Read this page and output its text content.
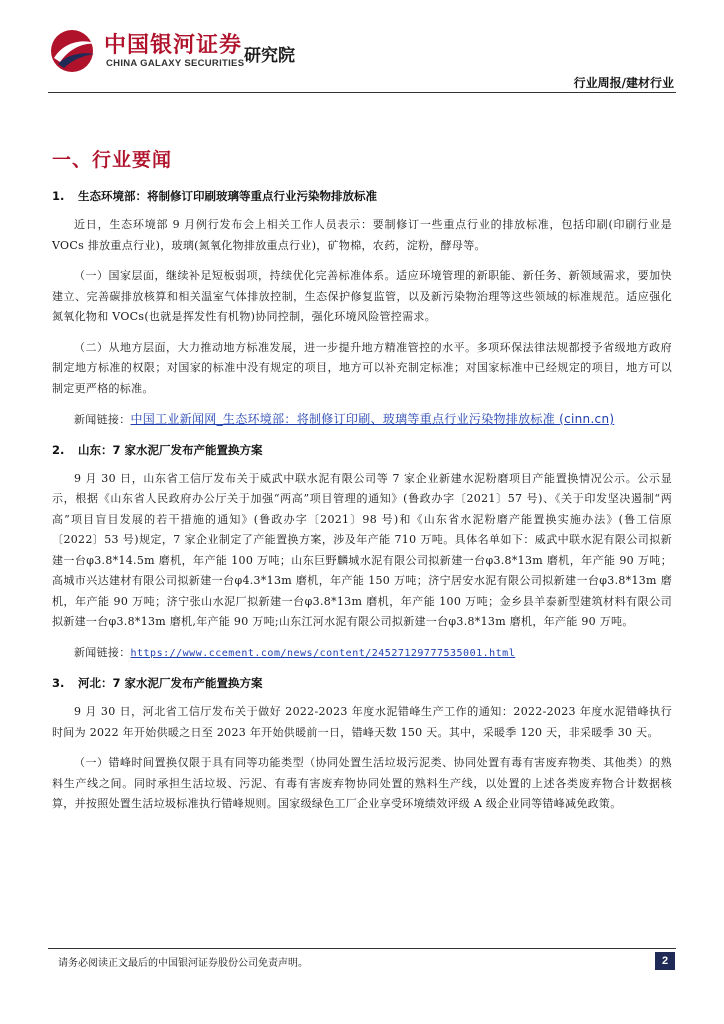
中国银河证券
CHINA GALAXY SECURITIES 研究院
行业周报/建材行业
一、行业要闻
1. 生态环境部：将制修订印刷玻璃等重点行业污染物排放标准

近日，生态环境部 9 月例行发布会上相关工作人员表示：要制修订一些重点行业的排放标准，包括印刷(印刷行业是 VOCs 排放重点行业)，玻璃(氮氧化物排放重点行业)，矿物棉，农药，淀粉，酵母等。

（一）国家层面，继续补足短板弱项，持续优化完善标准体系。适应环境管理的新职能、新任务、新领域需求，要加快建立、完善碳排放核算和相关温室气体排放控制，生态保护修复监管，以及新污染物治理等这些领域的标准规范。适应强化氮氧化物和 VOCs(也就是挥发性有机物)协同控制，强化环境风险管控需求。

（二）从地方层面，大力推动地方标准发展，进一步提升地方精准管控的水平。多项环保法律法规都授予省级地方政府制定地方标准的权限；对国家的标准中没有规定的项目，地方可以补充制定标准；对国家标准中已经规定的项目，地方可以制定更严格的标准。

新闻链接：中国工业新闻网_生态环境部：将制修订印刷、玻璃等重点行业污染物排放标准 (cinn.cn)

2. 山东：7 家水泥厂发布产能置换方案

9 月 30 日，山东省工信厅发布关于威武中联水泥有限公司等 7 家企业新建水泥粉磨项目产能置换情况公示。公示显示，根据《山东省人民政府办公厅关于加强“两高”项目管理的通知》(鲁政办字〔2021〕57 号)、《关于印发坚决遏制“两高”项目盲目发展的若干措施的通知》(鲁政办字〔2021〕98 号)和《山东省水泥粉磨产能置换实施办法》(鲁工信原〔2022〕53 号)规定，7 家企业制定了产能置换方案，涉及年产能 710 万吨。具体名单如下：威武中联水泥有限公司拟新建一台φ3.8*14.5m 磨机，年产能 100 万吨；山东巨野麟城水泥有限公司拟新建一台φ3.8*13m 磨机，年产能 90 万吨；高城市兴达建材有限公司拟新建一台φ4.3*13m 磨机，年产能 150 万吨；济宁居安水泥有限公司拟新建一台φ3.8*13m 磨机，年产能 90 万吨；济宁张山水泥厂拟新建一台φ3.8*13m 磨机，年产能 100 万吨；金乡县羊泰新型建筑材料有限公司拟新建一台φ3.8*13m 磨机,年产能 90 万吨;山东江河水泥有限公司拟新建一台φ3.8*13m 磨机，年产能 90 万吨。

新闻链接：https://www.ccement.com/news/content/24527129777535001.html

3. 河北：7 家水泥厂发布产能置换方案

9 月 30 日，河北省工信厅发布关于做好 2022-2023 年度水泥错峰生产工作的通知：2022-2023 年度水泥错峰执行时间为 2022 年开始供暖之日至 2023 年开始供暖前一日，错峰天数 150 天。其中，采暖季 120 天，非采暖季 30 天。

（一）错峰时间置换仅限于具有同等功能类型（协同处置生活垃圾污泥类、协同处置有毒有害废弃物类、其他类）的熟料生产线之间。同时承担生活垃圾、污泥、有毒有害废弃物协同处置的熟料生产线，以处置的上述各类废弃物合计数据核算，并按照处置生活垃圾标准执行错峰规则。国家级绿色工厂企业享受环境绩效评级 A 级企业同等错峰减免政策。

请务必阅读正文最后的中国银河证券股份公司免责声明。	2
